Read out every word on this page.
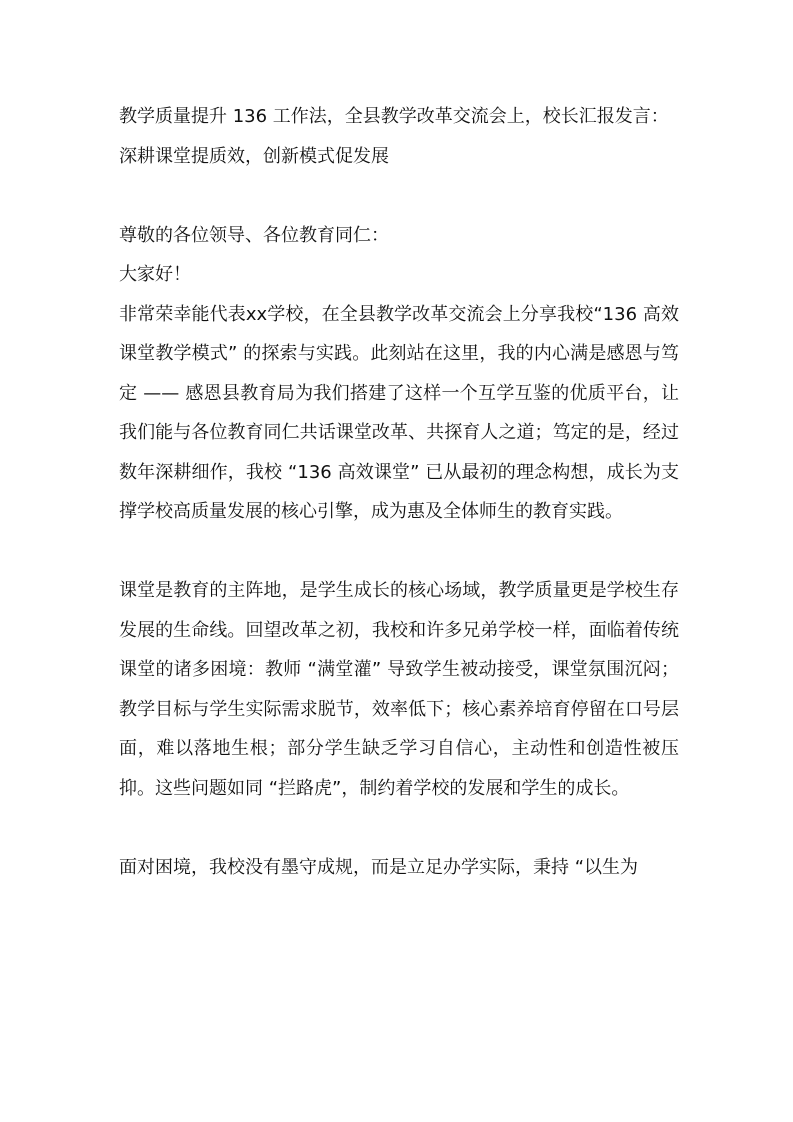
教学质量提升 136 工作法，全县教学改革交流会上，校长汇报发言：

深耕课堂提质效，创新模式促发展

尊敬的各位领导、各位教育同仁：

大家好！

非常荣幸能代表xx学校，在全县教学改革交流会上分享我校“136 高效课堂教学模式” 的探索与实践。此刻站在这里，我的内心满是感恩与笃定 —— 感恩县教育局为我们搭建了这样一个互学互鉴的优质平台，让我们能与各位教育同仁共话课堂改革、共探育人之道；笃定的是，经过数年深耕细作，我校 “136 高效课堂” 已从最初的理念构想，成长为支撑学校高质量发展的核心引擎，成为惠及全体师生的教育实践。

课堂是教育的主阵地，是学生成长的核心场域，教学质量更是学校生存发展的生命线。回望改革之初，我校和许多兄弟学校一样，面临着传统课堂的诸多困境：教师 “满堂灌” 导致学生被动接受，课堂氛围沉闷；教学目标与学生实际需求脱节，效率低下；核心素养培育停留在口号层面，难以落地生根；部分学生缺乏学习自信心，主动性和创造性被压抑。这些问题如同 “拦路虎”，制约着学校的发展和学生的成长。

面对困境，我校没有墨守成规，而是立足办学实际，秉持 “以生为
